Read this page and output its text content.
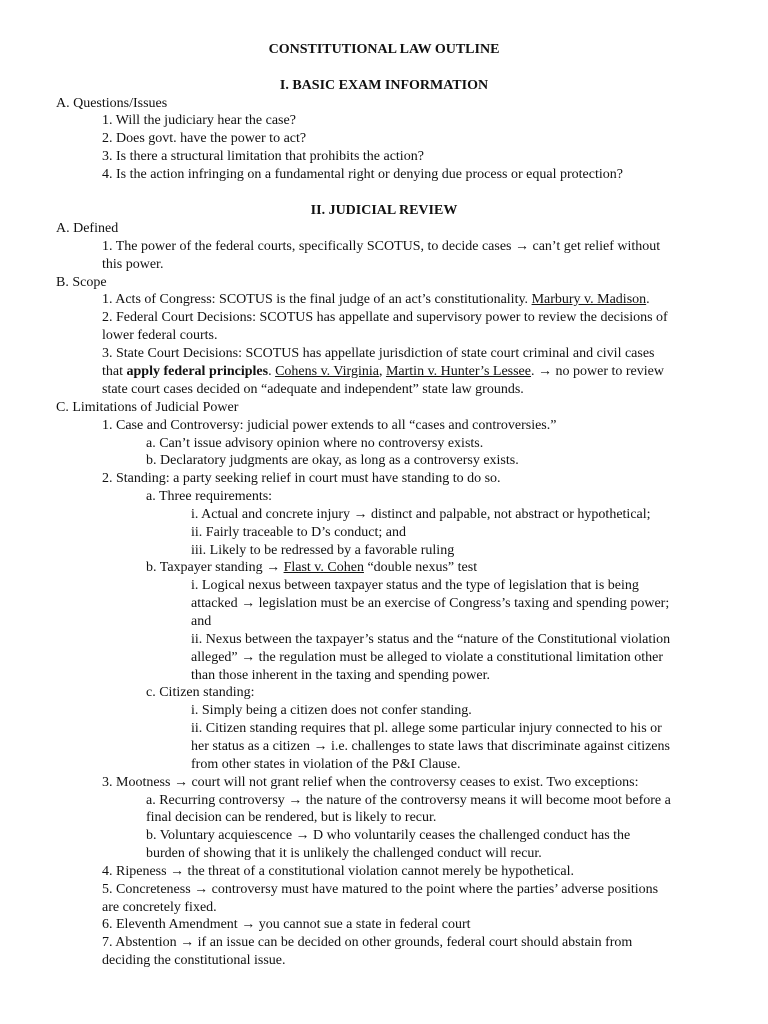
CONSTITUTIONAL LAW OUTLINE
I. BASIC EXAM INFORMATION
A. Questions/Issues
1. Will the judiciary hear the case?
2. Does govt. have the power to act?
3. Is there a structural limitation that prohibits the action?
4. Is the action infringing on a fundamental right or denying due process or equal protection?
II. JUDICIAL REVIEW
A. Defined
1. The power of the federal courts, specifically SCOTUS, to decide cases → can’t get relief without
this power.
B. Scope
1. Acts of Congress: SCOTUS is the final judge of an act’s constitutionality. Marbury v. Madison.
2. Federal Court Decisions: SCOTUS has appellate and supervisory power to review the decisions of
lower federal courts.
3. State Court Decisions: SCOTUS has appellate jurisdiction of state court criminal and civil cases
that apply federal principles. Cohens v. Virginia, Martin v. Hunter’s Lessee. → no power to review
state court cases decided on “adequate and independent” state law grounds.
C. Limitations of Judicial Power
1. Case and Controversy: judicial power extends to all “cases and controversies.”
a. Can’t issue advisory opinion where no controversy exists.
b. Declaratory judgments are okay, as long as a controversy exists.
2. Standing: a party seeking relief in court must have standing to do so.
a. Three requirements:
i. Actual and concrete injury → distinct and palpable, not abstract or hypothetical;
ii. Fairly traceable to D’s conduct; and
iii. Likely to be redressed by a favorable ruling
b. Taxpayer standing → Flast v. Cohen “double nexus” test
i. Logical nexus between taxpayer status and the type of legislation that is being
attacked → legislation must be an exercise of Congress’s taxing and spending power;
and
ii. Nexus between the taxpayer’s status and the “nature of the Constitutional violation
alleged” → the regulation must be alleged to violate a constitutional limitation other
than those inherent in the taxing and spending power.
c. Citizen standing:
i. Simply being a citizen does not confer standing.
ii. Citizen standing requires that pl. allege some particular injury connected to his or
her status as a citizen → i.e. challenges to state laws that discriminate against citizens
from other states in violation of the P&I Clause.
3. Mootness → court will not grant relief when the controversy ceases to exist. Two exceptions:
a. Recurring controversy → the nature of the controversy means it will become moot before a
final decision can be rendered, but is likely to recur.
b. Voluntary acquiescence → D who voluntarily ceases the challenged conduct has the
burden of showing that it is unlikely the challenged conduct will recur.
4. Ripeness → the threat of a constitutional violation cannot merely be hypothetical.
5. Concreteness → controversy must have matured to the point where the parties’ adverse positions
are concretely fixed.
6. Eleventh Amendment → you cannot sue a state in federal court
7. Abstention → if an issue can be decided on other grounds, federal court should abstain from
deciding the constitutional issue.
